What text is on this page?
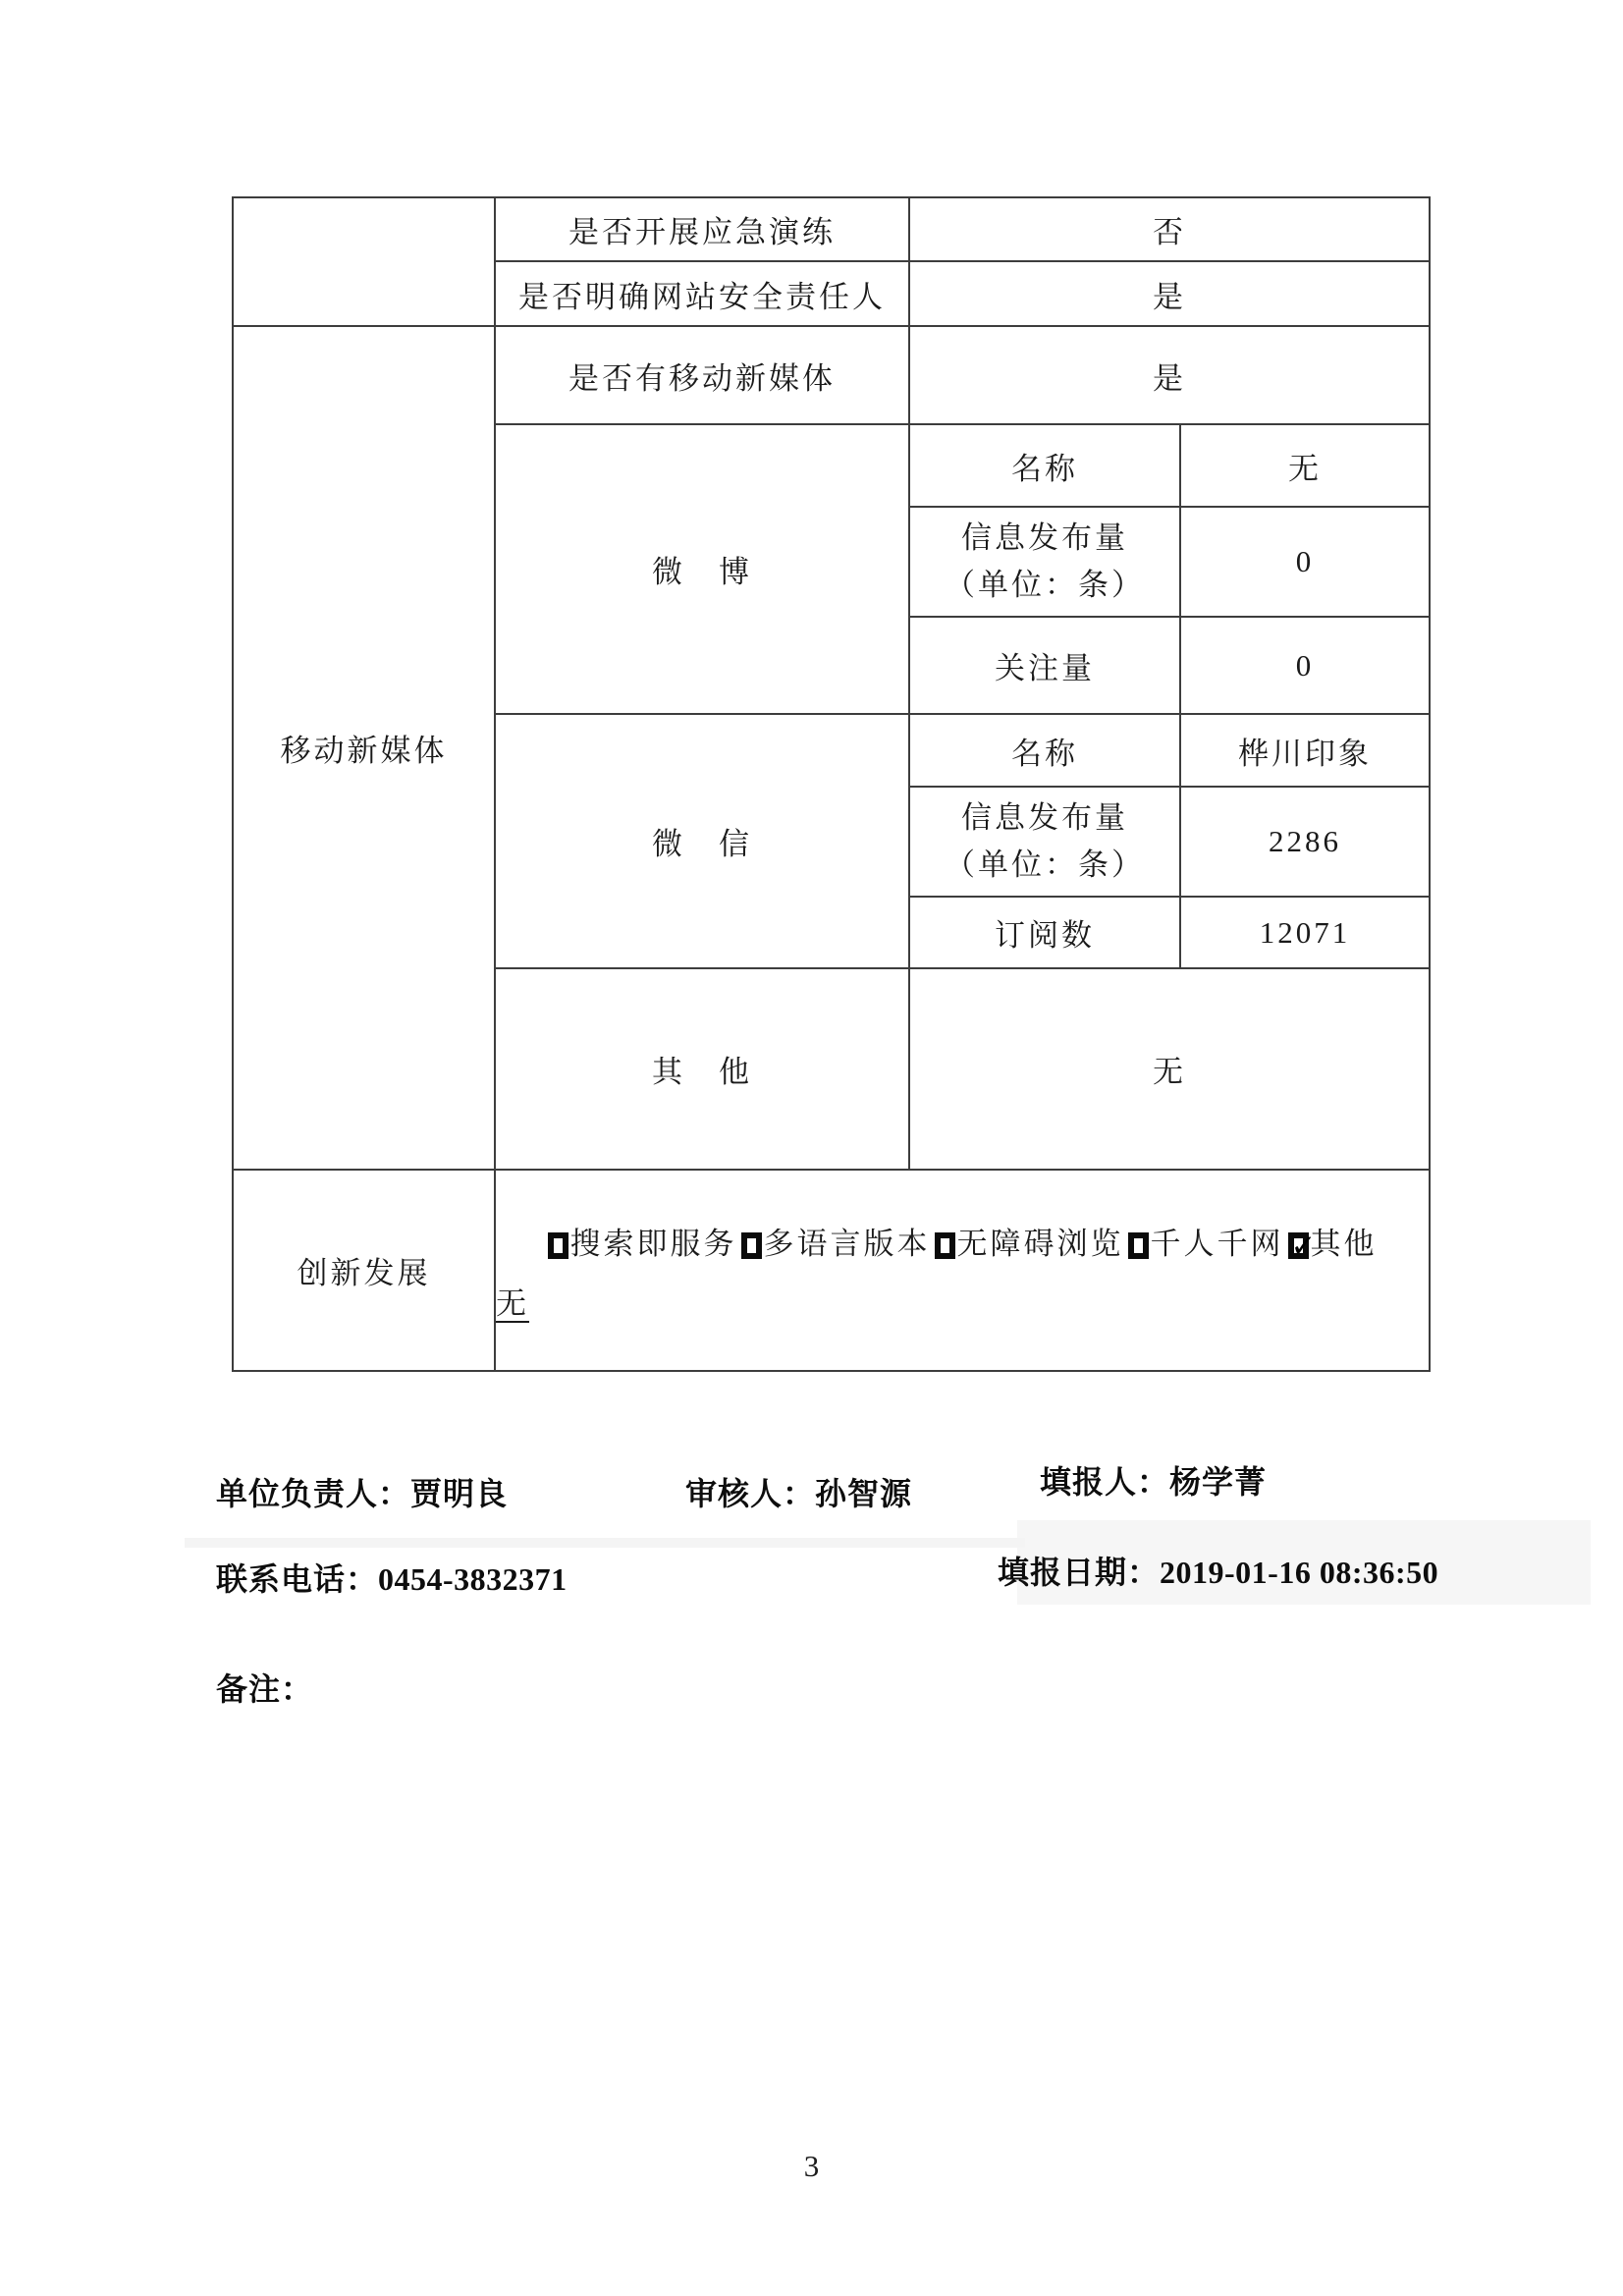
	是否开展应急演练	否	
	是否明确网站安全责任人	是	
移动新媒体	是否有移动新媒体	是	
	微　博	名称	无

		信息发布量
（单位：条）	0
		关注量	0
	微　信	名称	桦川印象

		信息发布量
（单位：条）	2286
		订阅数	12071
	其　他	无	
创新发展	搜索即服务 多语言版本 无障碍浏览 千人千网 ✓
其他
无		
单位负责人：贾明良	审核人：孙智源	填报人：杨学菁
联系电话：0454-3832371	填报日期：2019-01-16 08:36:50
备注：
3
